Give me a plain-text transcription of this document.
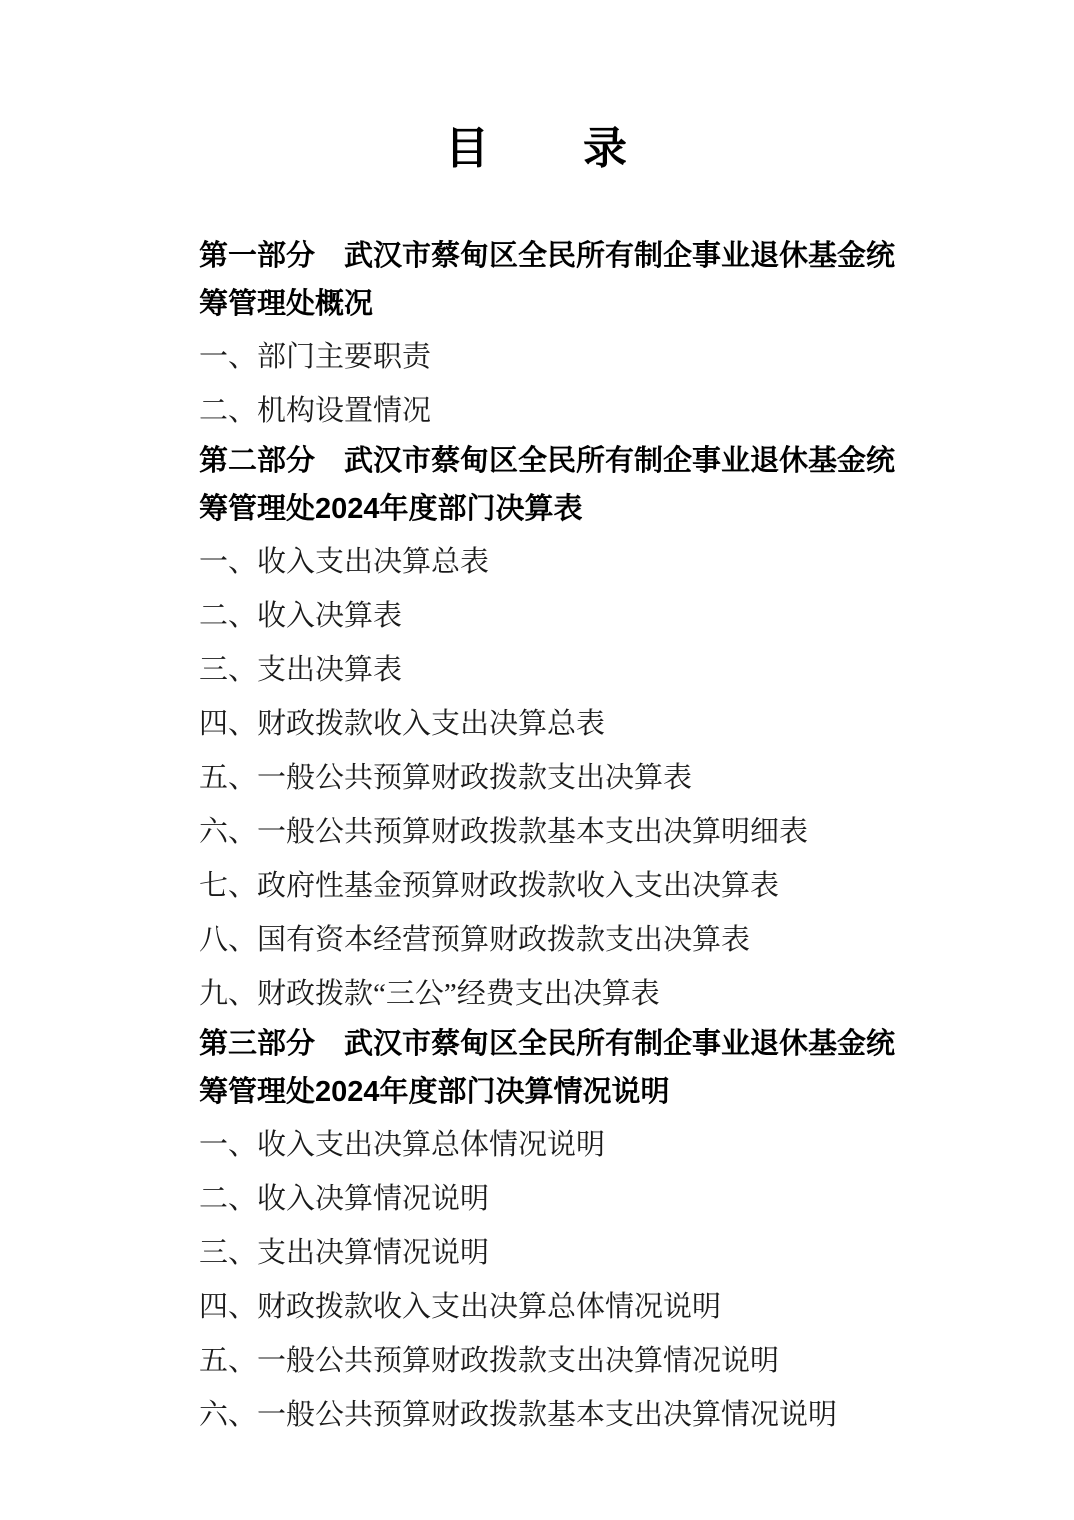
目　　录
第一部分　武汉市蔡甸区全民所有制企事业退休基金统筹管理处概况

一、部门主要职责

二、机构设置情况

第二部分　武汉市蔡甸区全民所有制企事业退休基金统筹管理处2024年度部门决算表

一、收入支出决算总表

二、收入决算表

三、支出决算表

四、财政拨款收入支出决算总表

五、一般公共预算财政拨款支出决算表

六、一般公共预算财政拨款基本支出决算明细表

七、政府性基金预算财政拨款收入支出决算表

八、国有资本经营预算财政拨款支出决算表

九、财政拨款“三公”经费支出决算表

第三部分　武汉市蔡甸区全民所有制企事业退休基金统筹管理处2024年度部门决算情况说明

一、收入支出决算总体情况说明

二、收入决算情况说明

三、支出决算情况说明

四、财政拨款收入支出决算总体情况说明

五、一般公共预算财政拨款支出决算情况说明

六、一般公共预算财政拨款基本支出决算情况说明
